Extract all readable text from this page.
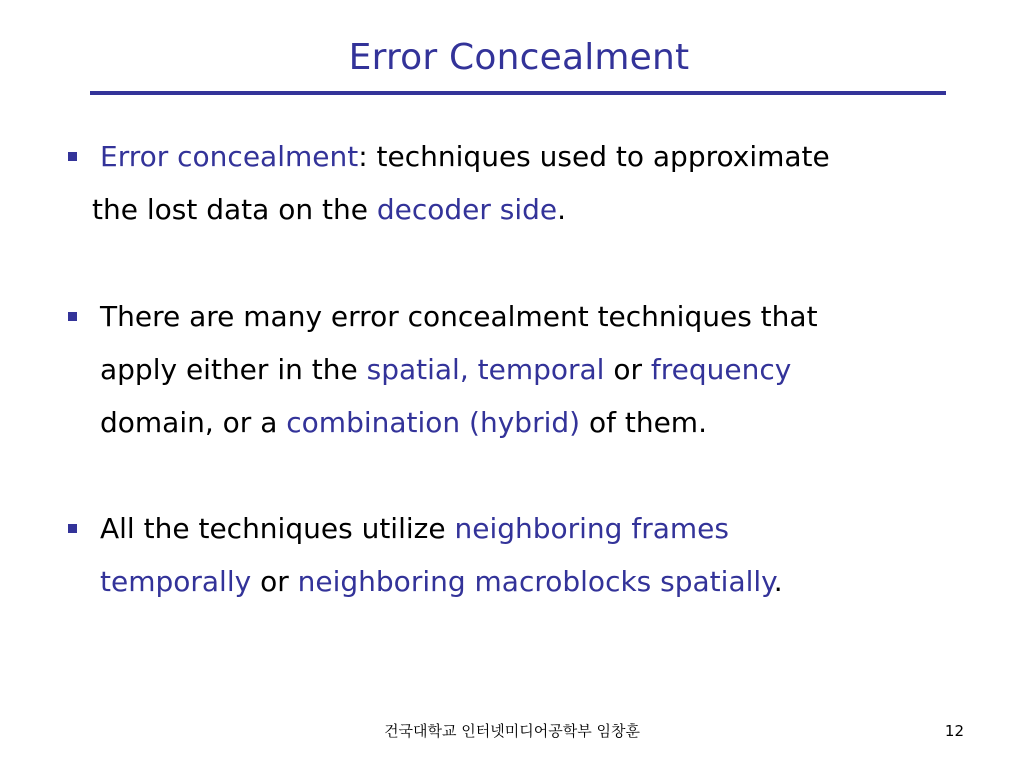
Error Concealment
Error concealment: techniques used to approximate
the lost data on the decoder side.
There are many error concealment techniques that
apply either in the spatial, temporal or frequency
domain, or a combination (hybrid) of them.
All the techniques utilize neighboring frames
temporally or neighboring macroblocks spatially.
건국대학교 인터넷미디어공학부 임창훈	12
